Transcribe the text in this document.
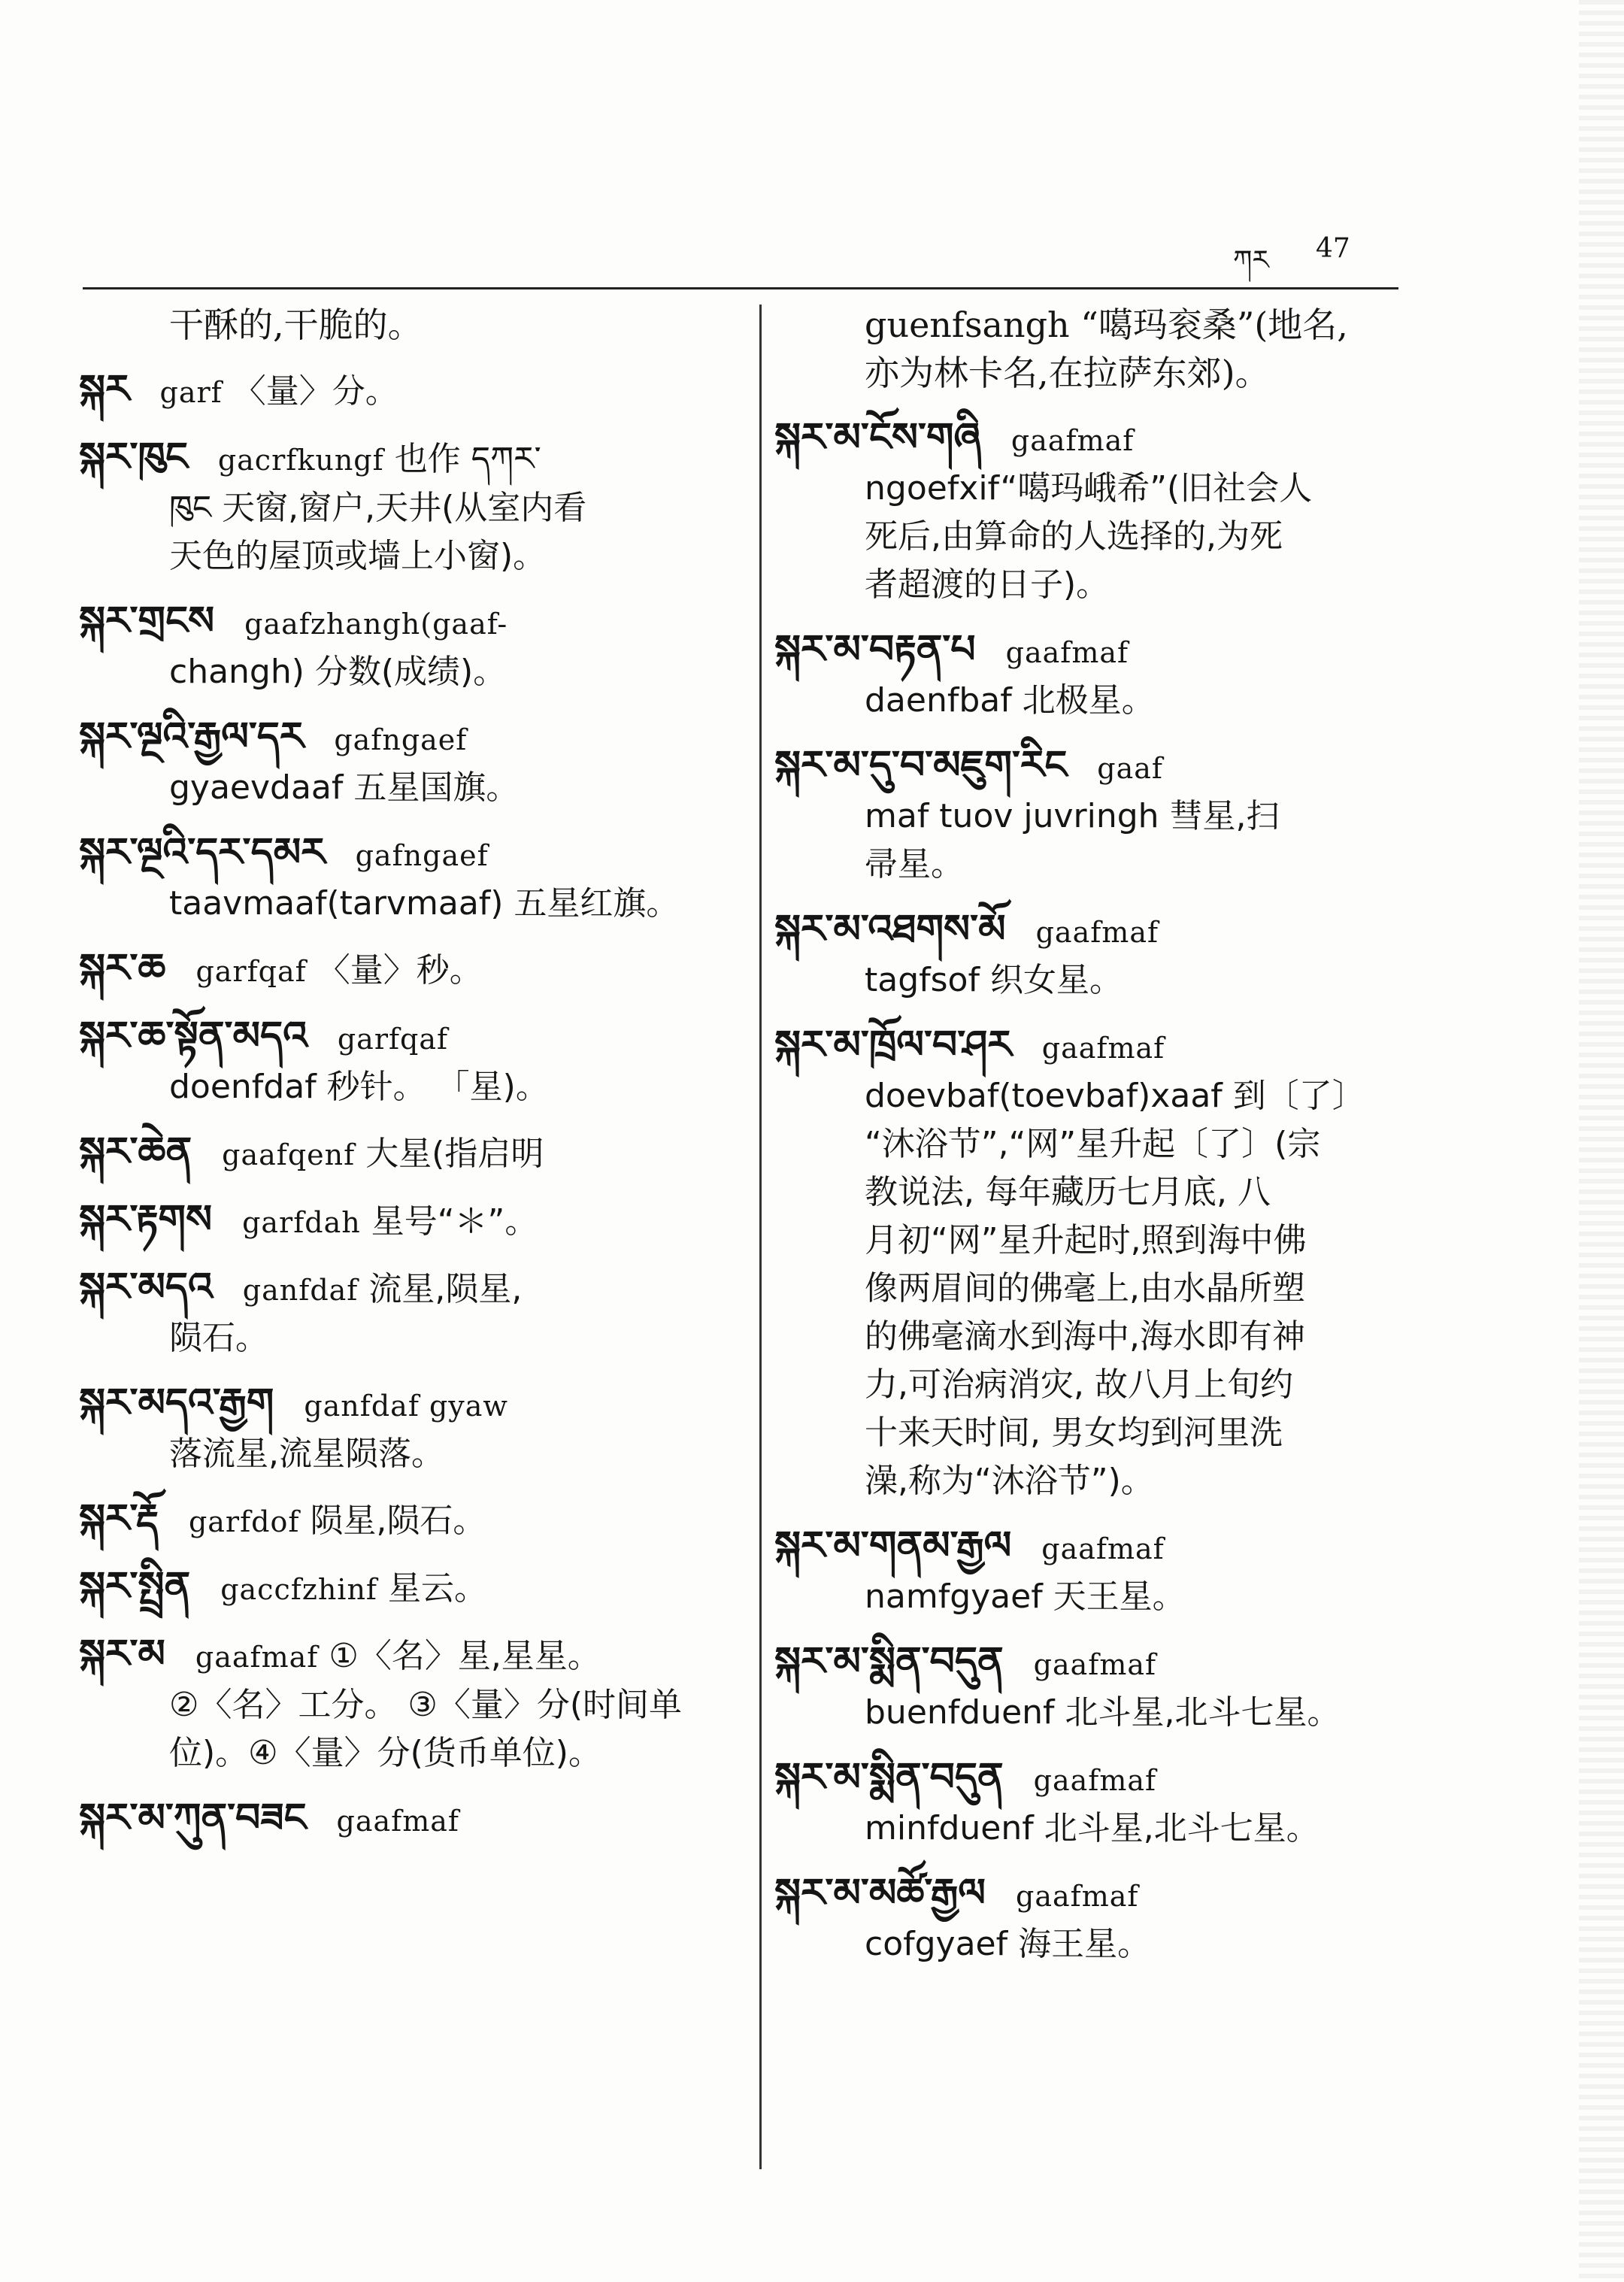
ཀར 47
干酥的,干脆的。
སྐར garf 〈量〉分。
སྐར་ཁུང gacrfkungf 也作 དཀར་
ཁུང 天窗,窗户,天井(从室内看
天色的屋顶或墙上小窗)。
སྐར་གྲངས gaafzhangh(gaaf-
changh) 分数(成绩)。
སྐར་ལྔའི་རྒྱལ་དར gafngaef
gyaevdaaf 五星国旗。
སྐར་ལྔའི་དར་དམར gafngaef
taavmaaf(tarvmaaf) 五星红旗。
སྐར་ཆ garfqaf 〈量〉秒。
སྐར་ཆ་སྟོན་མདའ garfqaf
doenfdaf 秒针。 「星)。
སྐར་ཆེན gaafqenf 大星(指启明
སྐར་རྟགས garfdah 星号“＊”。
སྐར་མདའ ganfdaf 流星,陨星,
陨石。
སྐར་མདའ་རྒྱག ganfdaf gyaw
落流星,流星陨落。
སྐར་རྡོ garfdof 陨星,陨石。
སྐར་སྤྲིན gaccfzhinf 星云。
སྐར་མ gaafmaf ①〈名〉星,星星。
②〈名〉工分。 ③〈量〉分(时间单
位)。④〈量〉分(货币单位)。
སྐར་མ་ཀུན་བཟང gaafmaf
guenfsangh “噶玛衮桑”(地名,
亦为林卡名,在拉萨东郊)。
སྐར་མ་ངོས་གཞི gaafmaf
ngoefxif“噶玛峨希”(旧社会人
死后,由算命的人选择的,为死
者超渡的日子)。
སྐར་མ་བརྟན་པ gaafmaf
daenfbaf 北极星。
སྐར་མ་དུ་བ་མཇུག་རིང gaaf
maf tuov juvringh 彗星,扫
帚星。
སྐར་མ་འཐགས་མོ gaafmaf
tagfsof 织女星。
སྐར་མ་ཁྲོལ་བ་ཤར gaafmaf
doevbaf(toevbaf)xaaf 到〔了〕
“沐浴节”,“网”星升起〔了〕(宗
教说法, 每年藏历七月底, 八
月初“网”星升起时,照到海中佛
像两眉间的佛毫上,由水晶所塑
的佛毫滴水到海中,海水即有神
力,可治病消灾, 故八月上旬约
十来天时间, 男女均到河里洗
澡,称为“沐浴节”)。
སྐར་མ་གནམ་རྒྱལ gaafmaf
namfgyaef 天王星。
སྐར་མ་སྨིན་བདུན gaafmaf
buenfduenf 北斗星,北斗七星。
སྐར་མ་སྨིན་བདུན gaafmaf
minfduenf 北斗星,北斗七星。
སྐར་མ་མཚོ་རྒྱལ gaafmaf
cofgyaef 海王星。
